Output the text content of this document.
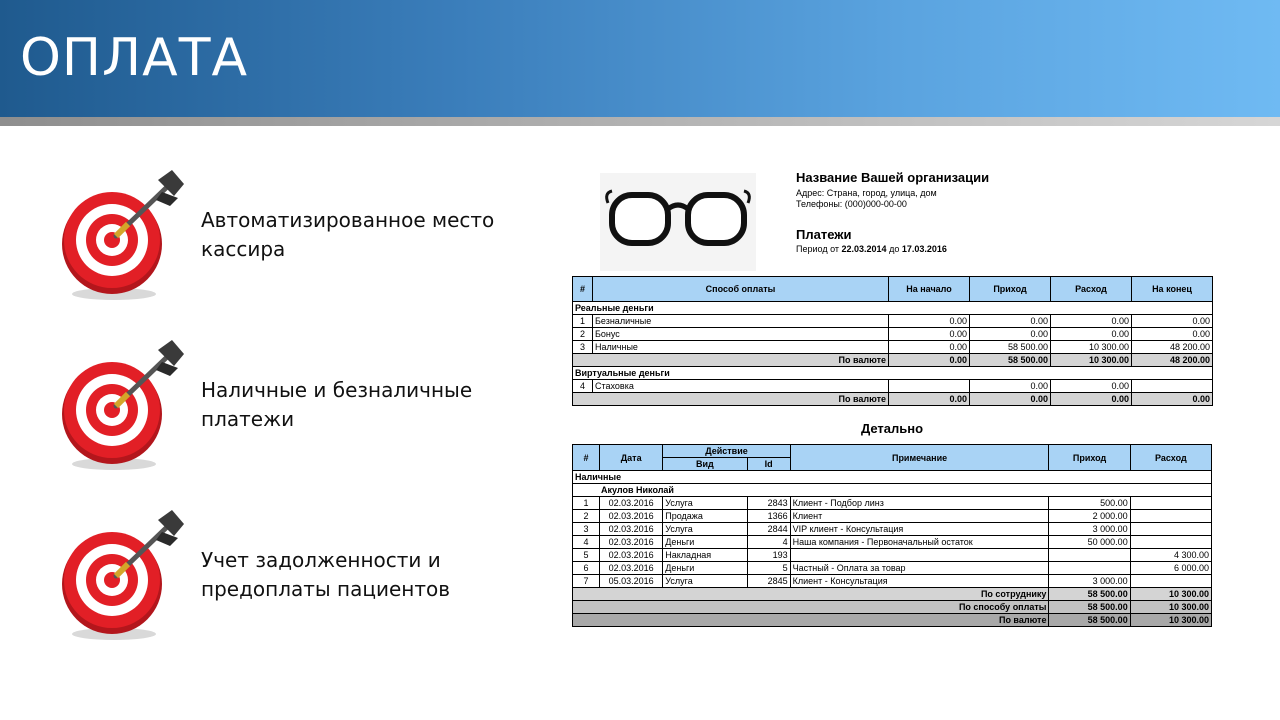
ОПЛАТА
Автоматизированное место кассира
Наличные и безналичные платежи
Учет задолженности и предоплаты пациентов
Название Вашей организации
Адрес: Страна, город, улица, дом
Телефоны: (000)000-00-00
Платежи
Период от 22.03.2014 до 17.03.2016
#	Способ оплаты	На начало	Приход	Расход	На конец
Реальные деньги					
1	Безналичные	0.00	0.00	0.00	0.00
2	Бонус	0.00	0.00	0.00	0.00
3	Наличные	0.00	58 500.00	10 300.00	48 200.00
По валюте		0.00	58 500.00	10 300.00	48 200.00
Виртуальные деньги					
4	Стаховка		0.00	0.00	
По валюте		0.00	0.00	0.00	0.00
Детально
#	Дата	Действие		Примечание	Приход	Расход
		Вид	Id			
Наличные						
Акулов Николай						
1	02.03.2016	Услуга	2843	Клиент - Подбор линз	500.00	
2	02.03.2016	Продажа	1366	Клиент	2 000.00	
3	02.03.2016	Услуга	2844	VIP клиент - Консультация	3 000.00	
4	02.03.2016	Деньги	4	Наша компания - Первоначальный остаток	50 000.00	
5	02.03.2016	Накладная	193			4 300.00
6	02.03.2016	Деньги	5	Частный - Оплата за товар		6 000.00
7	05.03.2016	Услуга	2845	Клиент - Консультация	3 000.00	
По сотруднику					58 500.00	10 300.00
По способу оплаты					58 500.00	10 300.00
По валюте					58 500.00	10 300.00
